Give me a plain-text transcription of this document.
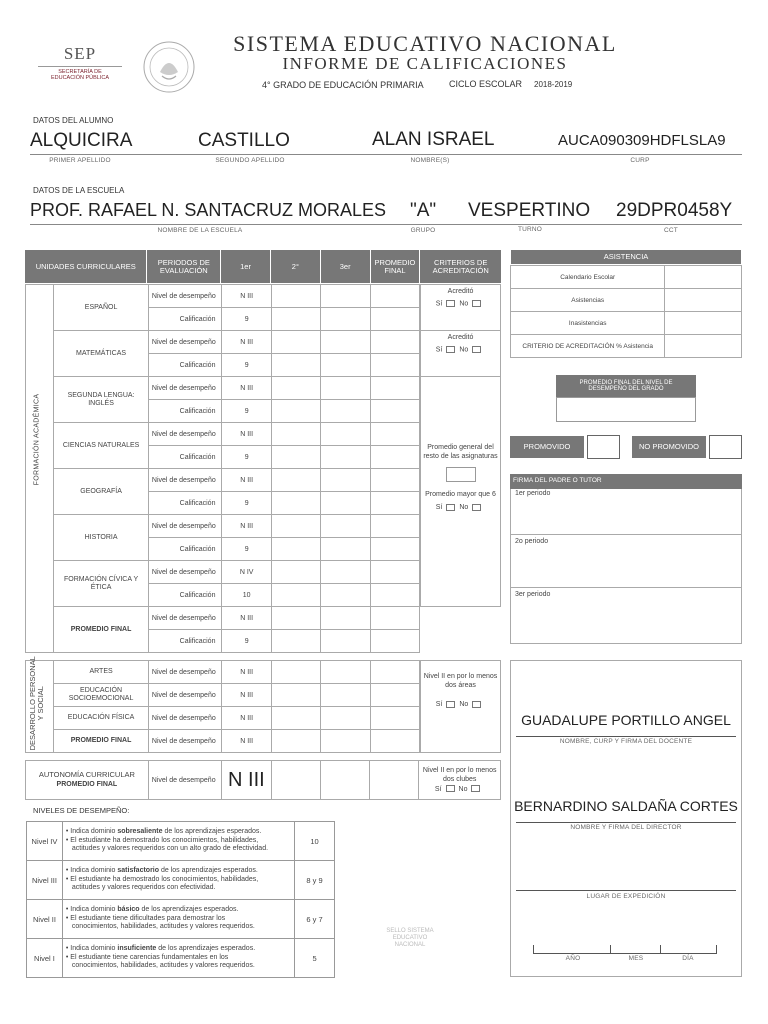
SEP
SECRETARÍA DE
EDUCACIÓN PÚBLICA
SISTEMA EDUCATIVO NACIONAL
INFORME DE CALIFICACIONES
4° GRADO DE EDUCACIÓN PRIMARIA	CICLO ESCOLAR 2018-2019
DATOS DEL ALUMNO
ALQUICIRA	CASTILLO	ALAN ISRAEL	AUCA090309HDFLSLA9
PRIMER APELLIDO	SEGUNDO APELLIDO	NOMBRE(S)	CURP
DATOS DE LA ESCUELA
PROF. RAFAEL N. SANTACRUZ MORALES "A" VESPERTINO 29DPR0458Y
NOMBRE DE LA ESCUELA	GRUPO	TURNO	CCT
UNIDADES CURRICULARES	PERIODOS DE EVALUACIÓN	1er	2°	3er	PROMEDIO FINAL
CRITERIOS DE ACREDITACIÓN
	ESPAÑOL	Nivel de desempeño	N III			
		Calificación	9			
	MATEMÁTICAS	Nivel de desempeño	N III			
		Calificación	9			
	SEGUNDA LENGUA: INGLÉS	Nivel de desempeño	N III			
		Calificación	9			
	CIENCIAS NATURALES	Nivel de desempeño	N III			
		Calificación	9			
	GEOGRAFÍA	Nivel de desempeño	N III			
		Calificación	9			
	HISTORIA	Nivel de desempeño	N III			
		Calificación	9			
	FORMACIÓN CÍVICA Y ÉTICA	Nivel de desempeño	N IV			
		Calificación	10			
	PROMEDIO FINAL	Nivel de desempeño	N III			
		Calificación	9			
FORMACIÓN ACADÉMICA
Acreditó
Sí No
Acreditó
Sí No
Promedio general del resto de las asignaturas
Promedio mayor que 6
Sí No
	ARTES	Nivel de desempeño	N III			
	EDUCACIÓN SOCIOEMOCIONAL	Nivel de desempeño	N III			
	EDUCACIÓN FÍSICA	Nivel de desempeño	N III			
	PROMEDIO FINAL	Nivel de desempeño	N III			
DESARROLLO PERSONAL Y SOCIAL
Nivel II en por lo menos dos áreas
Sí No
AUTONOMÍA CURRICULAR
PROMEDIO FINAL
	Nivel de desempeño	N III				Nivel II en por lo menos dos clubes
Sí No
NIVELES DE DESEMPEÑO:
Nivel IV	• Indica dominio sobresaliente de los aprendizajes esperados.
• El estudiante ha demostrado los conocimientos, habilidades,
actitudes y valores requeridos con un alto grado de efectividad.	10
Nivel III	• Indica dominio satisfactorio de los aprendizajes esperados.
• El estudiante ha demostrado los conocimientos, habilidades,
actitudes y valores requeridos con efectividad.	8 y 9
Nivel II	• Indica dominio básico de los aprendizajes esperados.
• El estudiante tiene dificultades para demostrar los
conocimientos, habilidades, actitudes y valores requeridos.	6 y 7
Nivel I	• Indica dominio insuficiente de los aprendizajes esperados.
• El estudiante tiene carencias fundamentales en los
conocimientos, habilidades, actitudes y valores requeridos.	5
SELLO SISTEMA EDUCATIVO NACIONAL
ASISTENCIA
Calendario Escolar	
Asistencias	
Inasistencias	
CRITERIO DE ACREDITACIÓN % Asistencia	
PROMEDIO FINAL DEL NIVEL DE DESEMPEÑO DEL GRADO
PROMOVIDO	NO PROMOVIDO
FIRMA DEL PADRE O TUTOR
1er periodo
2o periodo
3er periodo
GUADALUPE PORTILLO ANGEL
NOMBRE, CURP Y FIRMA DEL DOCENTE
BERNARDINO SALDAÑA CORTES
NOMBRE Y FIRMA DEL DIRECTOR
LUGAR DE EXPEDICIÓN
AÑO	MES	DÍA
